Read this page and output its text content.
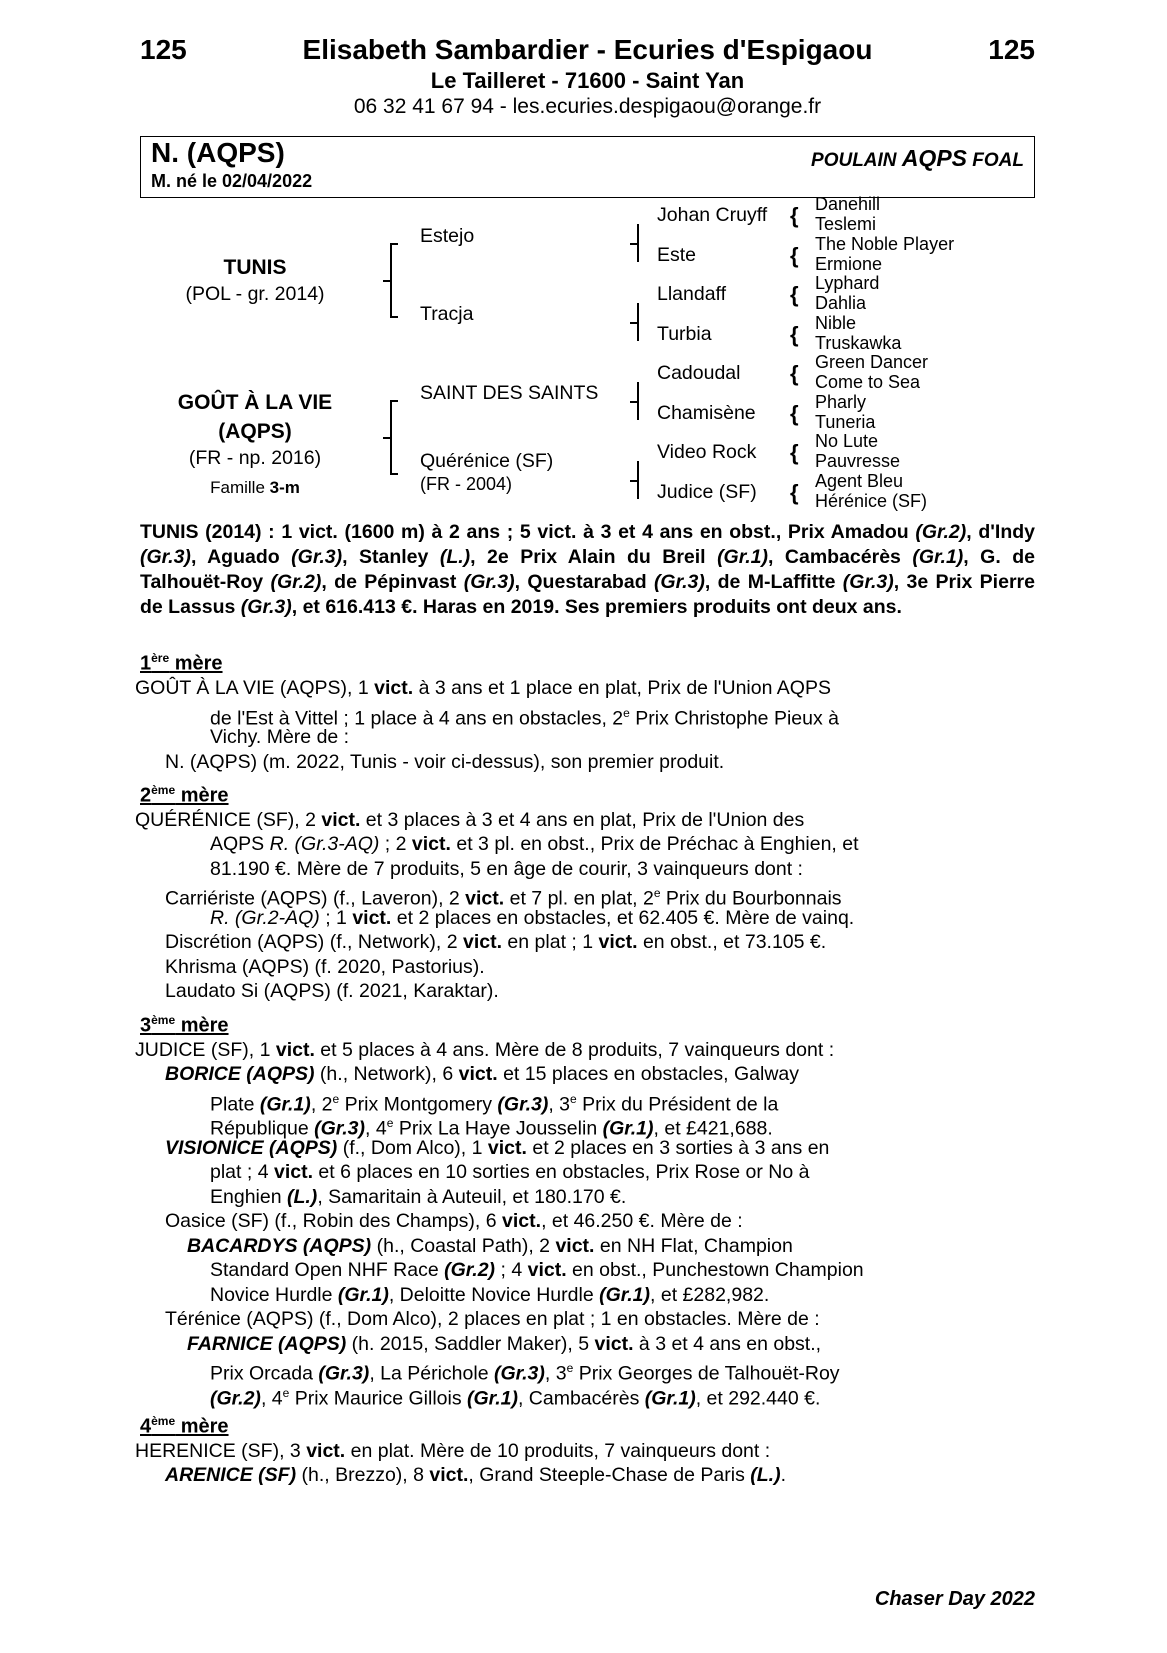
125	Elisabeth Sambardier - Ecuries d'Espigaou	125
Le Tailleret - 71600 - Saint Yan
06 32 41 67 94 - les.ecuries.despigaou@orange.fr
N. (AQPS)
M. né le 02/04/2022
POULAIN AQPS FOAL
TUNIS
(POL - gr. 2014)
GOÛT À LA VIE
(AQPS)
(FR - np. 2016)
Famille 3-m
Estejo
Tracja
SAINT DES SAINTS
Quérénice (SF)
(FR - 2004)
Johan Cruyff
Este
Llandaff
Turbia
Cadoudal
Chamisène
Video Rock
Judice (SF)
{
{
{
{
{
{
{
{
Danehill
Teslemi
The Noble Player
Ermione
Lyphard
Dahlia
Nible
Truskawka
Green Dancer
Come to Sea
Pharly
Tuneria
No Lute
Pauvresse
Agent Bleu
Hérénice (SF)
TUNIS (2014) : 1 vict. (1600 m) à 2 ans ; 5 vict. à 3 et 4 ans en obst., Prix Amadou (Gr.2), d'Indy (Gr.3), Aguado (Gr.3), Stanley (L.), 2e Prix Alain du Breil (Gr.1), Cambacérès (Gr.1), G. de Talhouët-Roy (Gr.2), de Pépinvast (Gr.3), Questarabad (Gr.3), de M-Laffitte (Gr.3), 3e Prix Pierre de Lassus (Gr.3), et 616.413 €. Haras en 2019. Ses premiers produits ont deux ans.
1ère mère
GOÛT À LA VIE (AQPS), 1 vict. à 3 ans et 1 place en plat, Prix de l'Union AQPS
de l'Est à Vittel ; 1 place à 4 ans en obstacles, 2e Prix Christophe Pieux à
Vichy. Mère de :
N. (AQPS) (m. 2022, Tunis - voir ci-dessus), son premier produit.
2ème mère
QUÉRÉNICE (SF), 2 vict. et 3 places à 3 et 4 ans en plat, Prix de l'Union des
AQPS R. (Gr.3-AQ) ; 2 vict. et 3 pl. en obst., Prix de Préchac à Enghien, et
81.190 €. Mère de 7 produits, 5 en âge de courir, 3 vainqueurs dont :
Carriériste (AQPS) (f., Laveron), 2 vict. et 7 pl. en plat, 2e Prix du Bourbonnais
R. (Gr.2-AQ) ; 1 vict. et 2 places en obstacles, et 62.405 €. Mère de vainq.
Discrétion (AQPS) (f., Network), 2 vict. en plat ; 1 vict. en obst., et 73.105 €.
Khrisma (AQPS) (f. 2020, Pastorius).
Laudato Si (AQPS) (f. 2021, Karaktar).
3ème mère
JUDICE (SF), 1 vict. et 5 places à 4 ans. Mère de 8 produits, 7 vainqueurs dont :
BORICE (AQPS) (h., Network), 6 vict. et 15 places en obstacles, Galway
Plate (Gr.1), 2e Prix Montgomery (Gr.3), 3e Prix du Président de la
République (Gr.3), 4e Prix La Haye Jousselin (Gr.1), et £421,688.
VISIONICE (AQPS) (f., Dom Alco), 1 vict. et 2 places en 3 sorties à 3 ans en
plat ; 4 vict. et 6 places en 10 sorties en obstacles, Prix Rose or No à
Enghien (L.), Samaritain à Auteuil, et 180.170 €.
Oasice (SF) (f., Robin des Champs), 6 vict., et 46.250 €. Mère de :
BACARDYS (AQPS) (h., Coastal Path), 2 vict. en NH Flat, Champion
Standard Open NHF Race (Gr.2) ; 4 vict. en obst., Punchestown Champion
Novice Hurdle (Gr.1), Deloitte Novice Hurdle (Gr.1), et £282,982.
Térénice (AQPS) (f., Dom Alco), 2 places en plat ; 1 en obstacles. Mère de :
FARNICE (AQPS) (h. 2015, Saddler Maker), 5 vict. à 3 et 4 ans en obst.,
Prix Orcada (Gr.3), La Périchole (Gr.3), 3e Prix Georges de Talhouët-Roy
(Gr.2), 4e Prix Maurice Gillois (Gr.1), Cambacérès (Gr.1), et 292.440 €.
4ème mère
HERENICE (SF), 3 vict. en plat. Mère de 10 produits, 7 vainqueurs dont :
ARENICE (SF) (h., Brezzo), 8 vict., Grand Steeple-Chase de Paris (L.).
Chaser Day 2022
